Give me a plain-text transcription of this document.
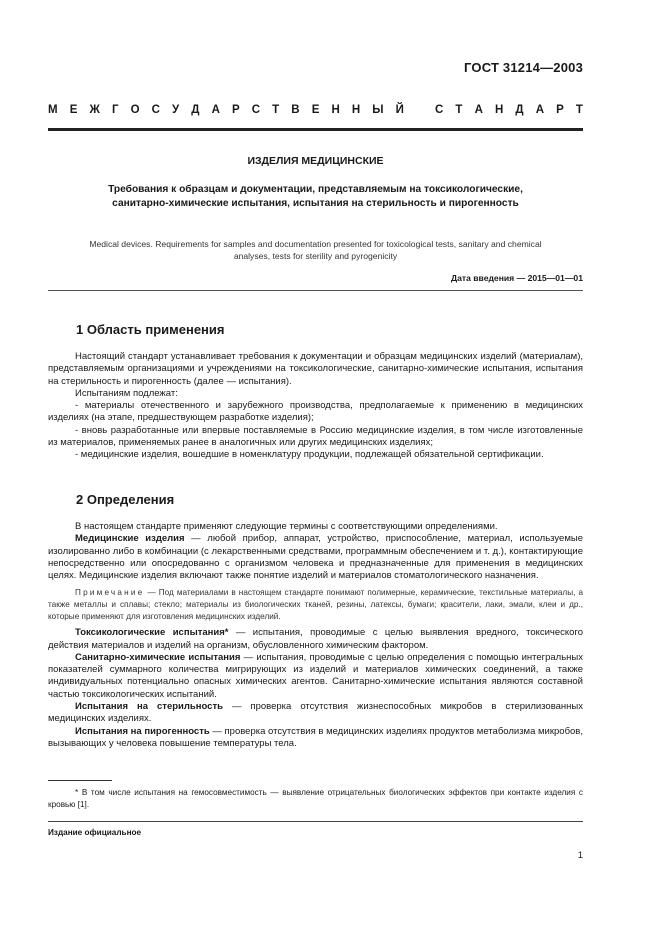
ГОСТ 31214—2003
М Е Ж Г О С У Д А Р С Т В Е Н Н Ы Й	С Т А Н Д А Р Т
ИЗДЕЛИЯ МЕДИЦИНСКИЕ
Требования к образцам и документации, представляемым на токсикологические,
санитарно-химические испытания, испытания на стерильность и пирогенность
Medical devices. Requirements for samples and documentation presented for toxicological tests, sanitary and chemical
analyses, tests for sterility and pyrogenicity
Дата введения — 2015—01—01
1 Область применения

Настоящий стандарт устанавливает требования к документации и образцам медицинских изделий (материалам), представляемым организациями и учреждениями на токсикологические, санитарно-химические испытания, испытания на стерильность и пирогенность (далее — испытания).

Испытаниям подлежат:

- материалы отечественного и зарубежного производства, предполагаемые к применению в медицинских изделиях (на этапе, предшествующем разработке изделия);

- вновь разработанные или впервые поставляемые в Россию медицинские изделия, в том числе изготовленные из материалов, применяемых ранее в аналогичных или других медицинских изделиях;

- медицинские изделия, вошедшие в номенклатуру продукции, подлежащей обязательной сертификации.

2 Определения

В настоящем стандарте применяют следующие термины с соответствующими определениями.

Медицинские изделия — любой прибор, аппарат, устройство, приспособление, материал, используемые изолированно либо в комбинации (с лекарственными средствами, программным обеспечением и т. д.), контактирующие непосредственно или опосредованно с организмом человека и предназначенные для применения в медицинских целях. Медицинские изделия включают также понятие изделий и материалов стоматологического назначения.

Примечание — Под материалами в настоящем стандарте понимают полимерные, керамические, текстильные материалы, а также металлы и сплавы; стекло; материалы из биологических тканей, резины, латексы, бумаги; красители, лаки, эмали, клеи и др., которые применяют для изготовления медицинских изделий.

Токсикологические испытания* — испытания, проводимые с целью выявления вредного, токсического действия материалов и изделий на организм, обусловленного химическим фактором.

Санитарно-химические испытания — испытания, проводимые с целью определения с помощью интегральных показателей суммарного количества мигрирующих из изделий и материалов химических соединений, а также индивидуальных потенциально опасных химических агентов. Санитарно-химические испытания являются составной частью токсикологических испытаний.

Испытания на стерильность — проверка отсутствия жизнеспособных микробов в стерилизованных медицинских изделиях.

Испытания на пирогенность — проверка отсутствия в медицинских изделиях продуктов метаболизма микробов, вызывающих у человека повышение температуры тела.

* В том числе испытания на гемосовместимость — выявление отрицательных биологических эффектов при контакте изделия с кровью [1].
Издание официальное
1
